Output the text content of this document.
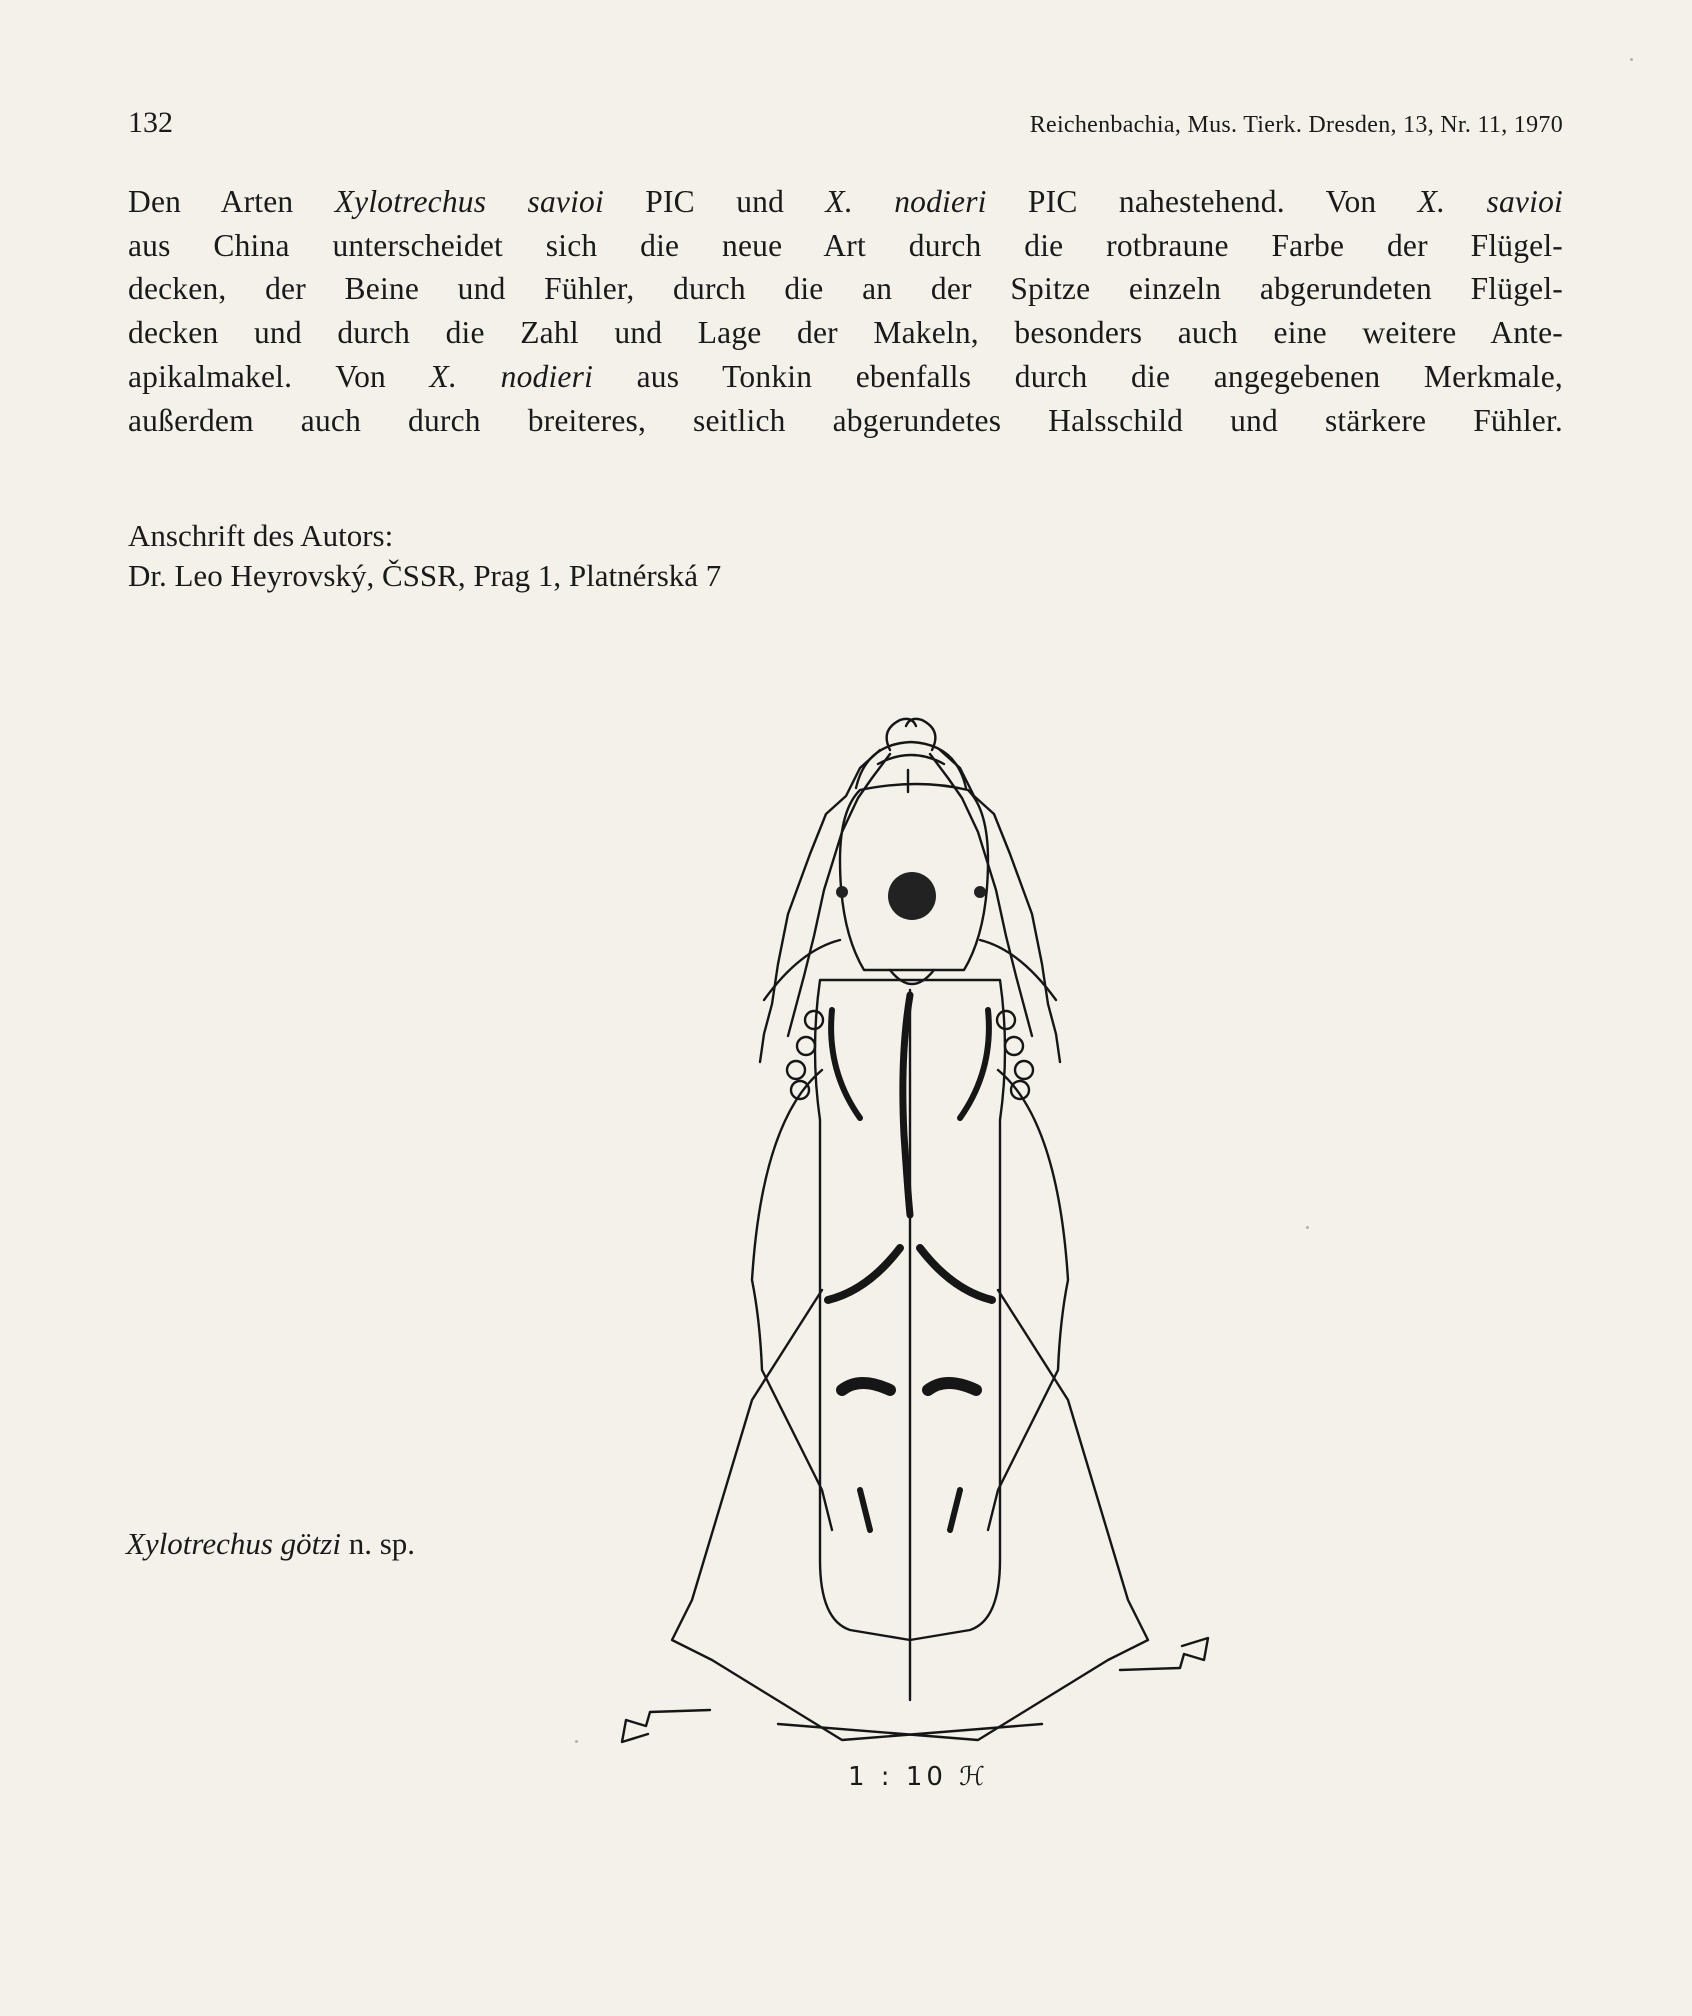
132	Reichenbachia, Mus. Tierk. Dresden, 13, Nr. 11, 1970
Den Arten Xylotrechus savioi PIC und X. nodieri PIC nahestehend. Von X. savioi
aus China unterscheidet sich die neue Art durch die rotbraune Farbe der Flügel-
decken, der Beine und Fühler, durch die an der Spitze einzeln abgerundeten Flügel-
decken und durch die Zahl und Lage der Makeln, besonders auch eine weitere Ante-
apikalmakel. Von X. nodieri aus Tonkin ebenfalls durch die angegebenen Merkmale,
außerdem auch durch breiteres, seitlich abgerundetes Halsschild und stärkere Fühler.
Anschrift des Autors:
Dr. Leo Heyrovský, ČSSR, Prag 1, Platnérská 7
Xylotrechus götzi n. sp.
1 : 10 ℋ
